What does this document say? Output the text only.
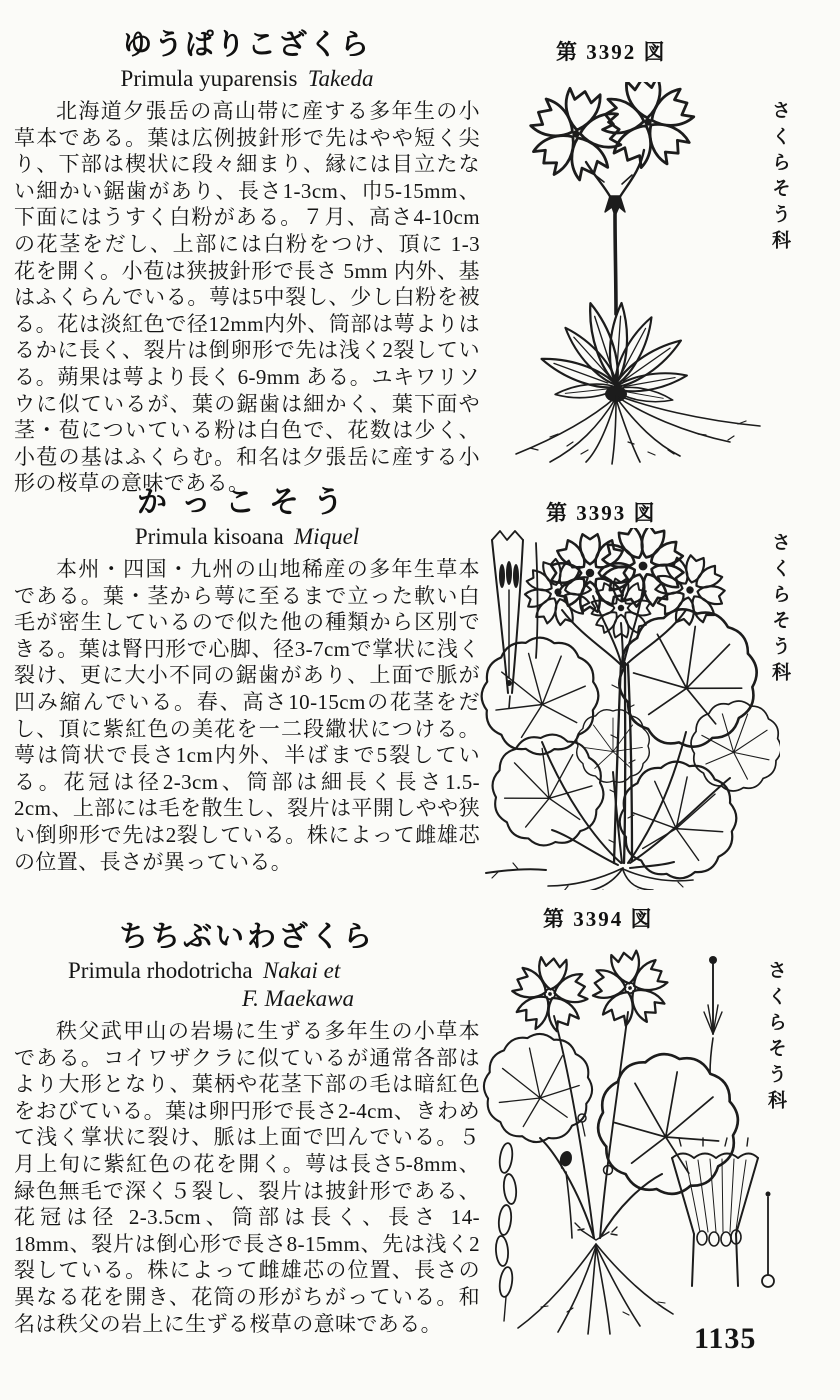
ゆうぱりこざくら
Primula yuparensis Takeda

北海道夕張岳の高山帯に産する多年生の小草本である。葉は広例披針形で先はやや短く尖り、下部は楔状に段々細まり、縁には目立たない細かい鋸歯があり、長さ1-3cm、巾5-15mm、下面にはうすく白粉がある。７月、高さ4-10cmの花茎をだし、上部には白粉をつけ、頂に 1-3 花を開く。小苞は狭披針形で長さ 5mm 内外、基はふくらんでいる。萼は5中裂し、少し白粉を被る。花は淡紅色で径12mm内外、筒部は萼よりはるかに長く、裂片は倒卵形で先は浅く2裂している。蒴果は萼より長く 6-9mm ある。ユキワリソウに似ているが、葉の鋸歯は細かく、葉下面や茎・苞についている粉は白色で、花数は少く、小苞の基はふくらむ。和名は夕張岳に産する小形の桜草の意味である。

かっこそう
Primula kisoana Miquel

本州・四国・九州の山地稀産の多年生草本である。葉・茎から萼に至るまで立った軟い白毛が密生しているので似た他の種類から区別できる。葉は腎円形で心脚、径3-7cmで掌状に浅く裂け、更に大小不同の鋸歯があり、上面で脈が凹み縮んでいる。春、高さ10-15cmの花茎をだし、頂に紫紅色の美花を一二段繖状につける。萼は筒状で長さ1cm内外、半ばまで5裂している。花冠は径2-3cm、筒部は細長く長さ1.5-2cm、上部には毛を散生し、裂片は平開しやや狭い倒卵形で先は2裂している。株によって雌雄芯の位置、長さが異っている。

ちちぶいわざくら
Primula rhodotricha Nakai et
F. Maekawa

秩父武甲山の岩場に生ずる多年生の小草本である。コイワザクラに似ているが通常各部はより大形となり、葉柄や花茎下部の毛は暗紅色をおびている。葉は卵円形で長さ2-4cm、きわめて浅く掌状に裂け、脈は上面で凹んでいる。５月上旬に紫紅色の花を開く。萼は長さ5-8mm、緑色無毛で深く５裂し、裂片は披針形である、花冠は径 2-3.5cm、筒部は長く、長さ 14-18mm、裂片は倒心形で長さ8-15mm、先は浅く2裂している。株によって雌雄芯の位置、長さの異なる花を開き、花筒の形がちがっている。和名は秩父の岩上に生ずる桜草の意味である。

第 3392 図
さくらそう科
第 3393 図
さくらそう科
第 3394 図
さくらそう科
1135
